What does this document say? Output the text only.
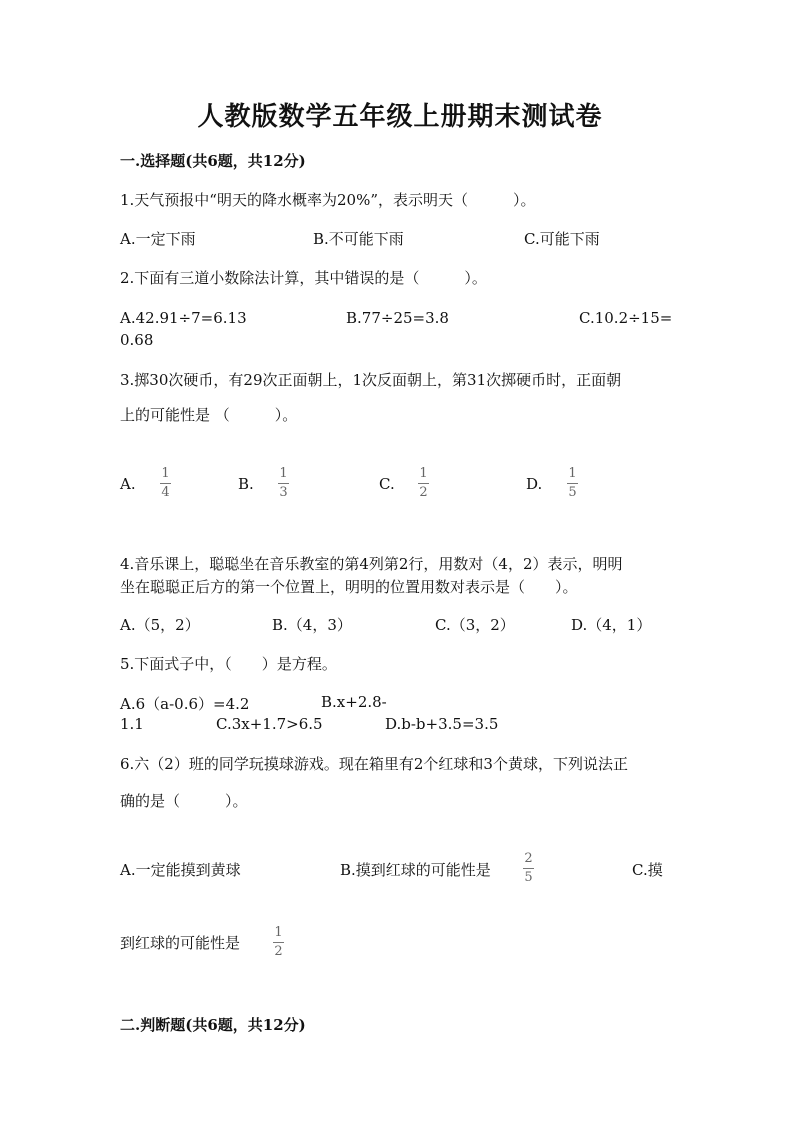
人教版数学五年级上册期末测试卷
一.选择题(共6题，共12分)
1.天气预报中“明天的降水概率为20%”，表示明天（　　　）。
A.一定下雨	B.不可能下雨	C.可能下雨
2.下面有三道小数除法计算，其中错误的是（　　　）。
A.42.91÷7=6.13	B.77÷25=3.8	C.10.2÷15=
0.68
3.掷30次硬币，有29次正面朝上，1次反面朝上，第31次掷硬币时，正面朝
上的可能性是 （　　　）。
A.
1
4	B.
1
3	C.
1
2	D.
1
5
4.音乐课上，聪聪坐在音乐教室的第4列第2行，用数对（4，2）表示，明明
坐在聪聪正后方的第一个位置上，明明的位置用数对表示是（　　）。
A.（5，2）	B.（4，3）	C.（3，2）	D.（4，1）
5.下面式子中，（　　）是方程。
A.6（a-0.6）=4.2	B.x+2.8-
1.1	C.3x+1.7>6.5	D.b-b+3.5=3.5
6.六（2）班的同学玩摸球游戏。现在箱里有2个红球和3个黄球，下列说法正
确的是（　　　）。
A.一定能摸到黄球	B.摸到红球的可能性是
2
5	C.摸
到红球的可能性是
1
2
二.判断题(共6题，共12分)
